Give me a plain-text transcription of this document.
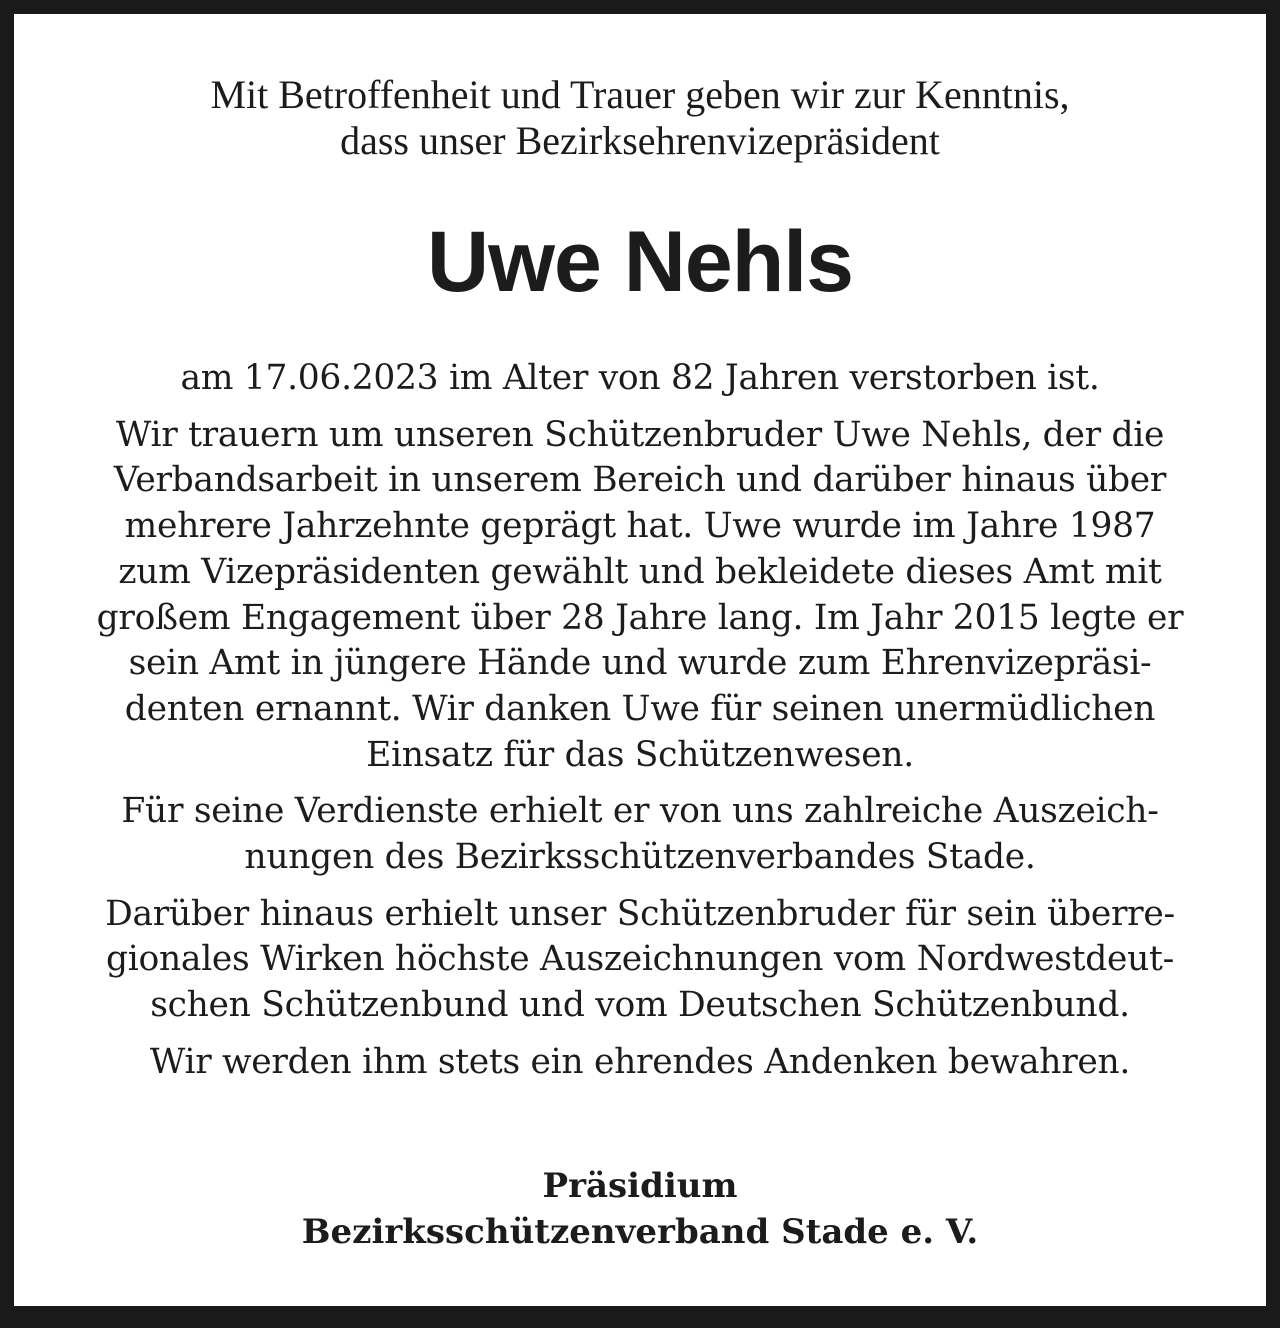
Mit Betroffenheit und Trauer geben wir zur Kenntnis,
dass unser Bezirksehrenvizepräsident
Uwe Nehls
am 17.06.2023 im Alter von 82 Jahren verstorben ist.
Wir trauern um unseren Schützenbruder Uwe Nehls, der die
Verbandsarbeit in unserem Bereich und darüber hinaus über
mehrere Jahrzehnte geprägt hat. Uwe wurde im Jahre 1987
zum Vizepräsidenten gewählt und bekleidete dieses Amt mit
großem Engagement über 28 Jahre lang. Im Jahr 2015 legte er
sein Amt in jüngere Hände und wurde zum Ehrenvizepräsi-
denten ernannt. Wir danken Uwe für seinen unermüdlichen
Einsatz für das Schützenwesen.
Für seine Verdienste erhielt er von uns zahlreiche Auszeich-
nungen des Bezirksschützenverbandes Stade.
Darüber hinaus erhielt unser Schützenbruder für sein überre-
gionales Wirken höchste Auszeichnungen vom Nordwestdeut-
schen Schützenbund und vom Deutschen Schützenbund.
Wir werden ihm stets ein ehrendes Andenken bewahren.
Präsidium
Bezirksschützenverband Stade e. V.
